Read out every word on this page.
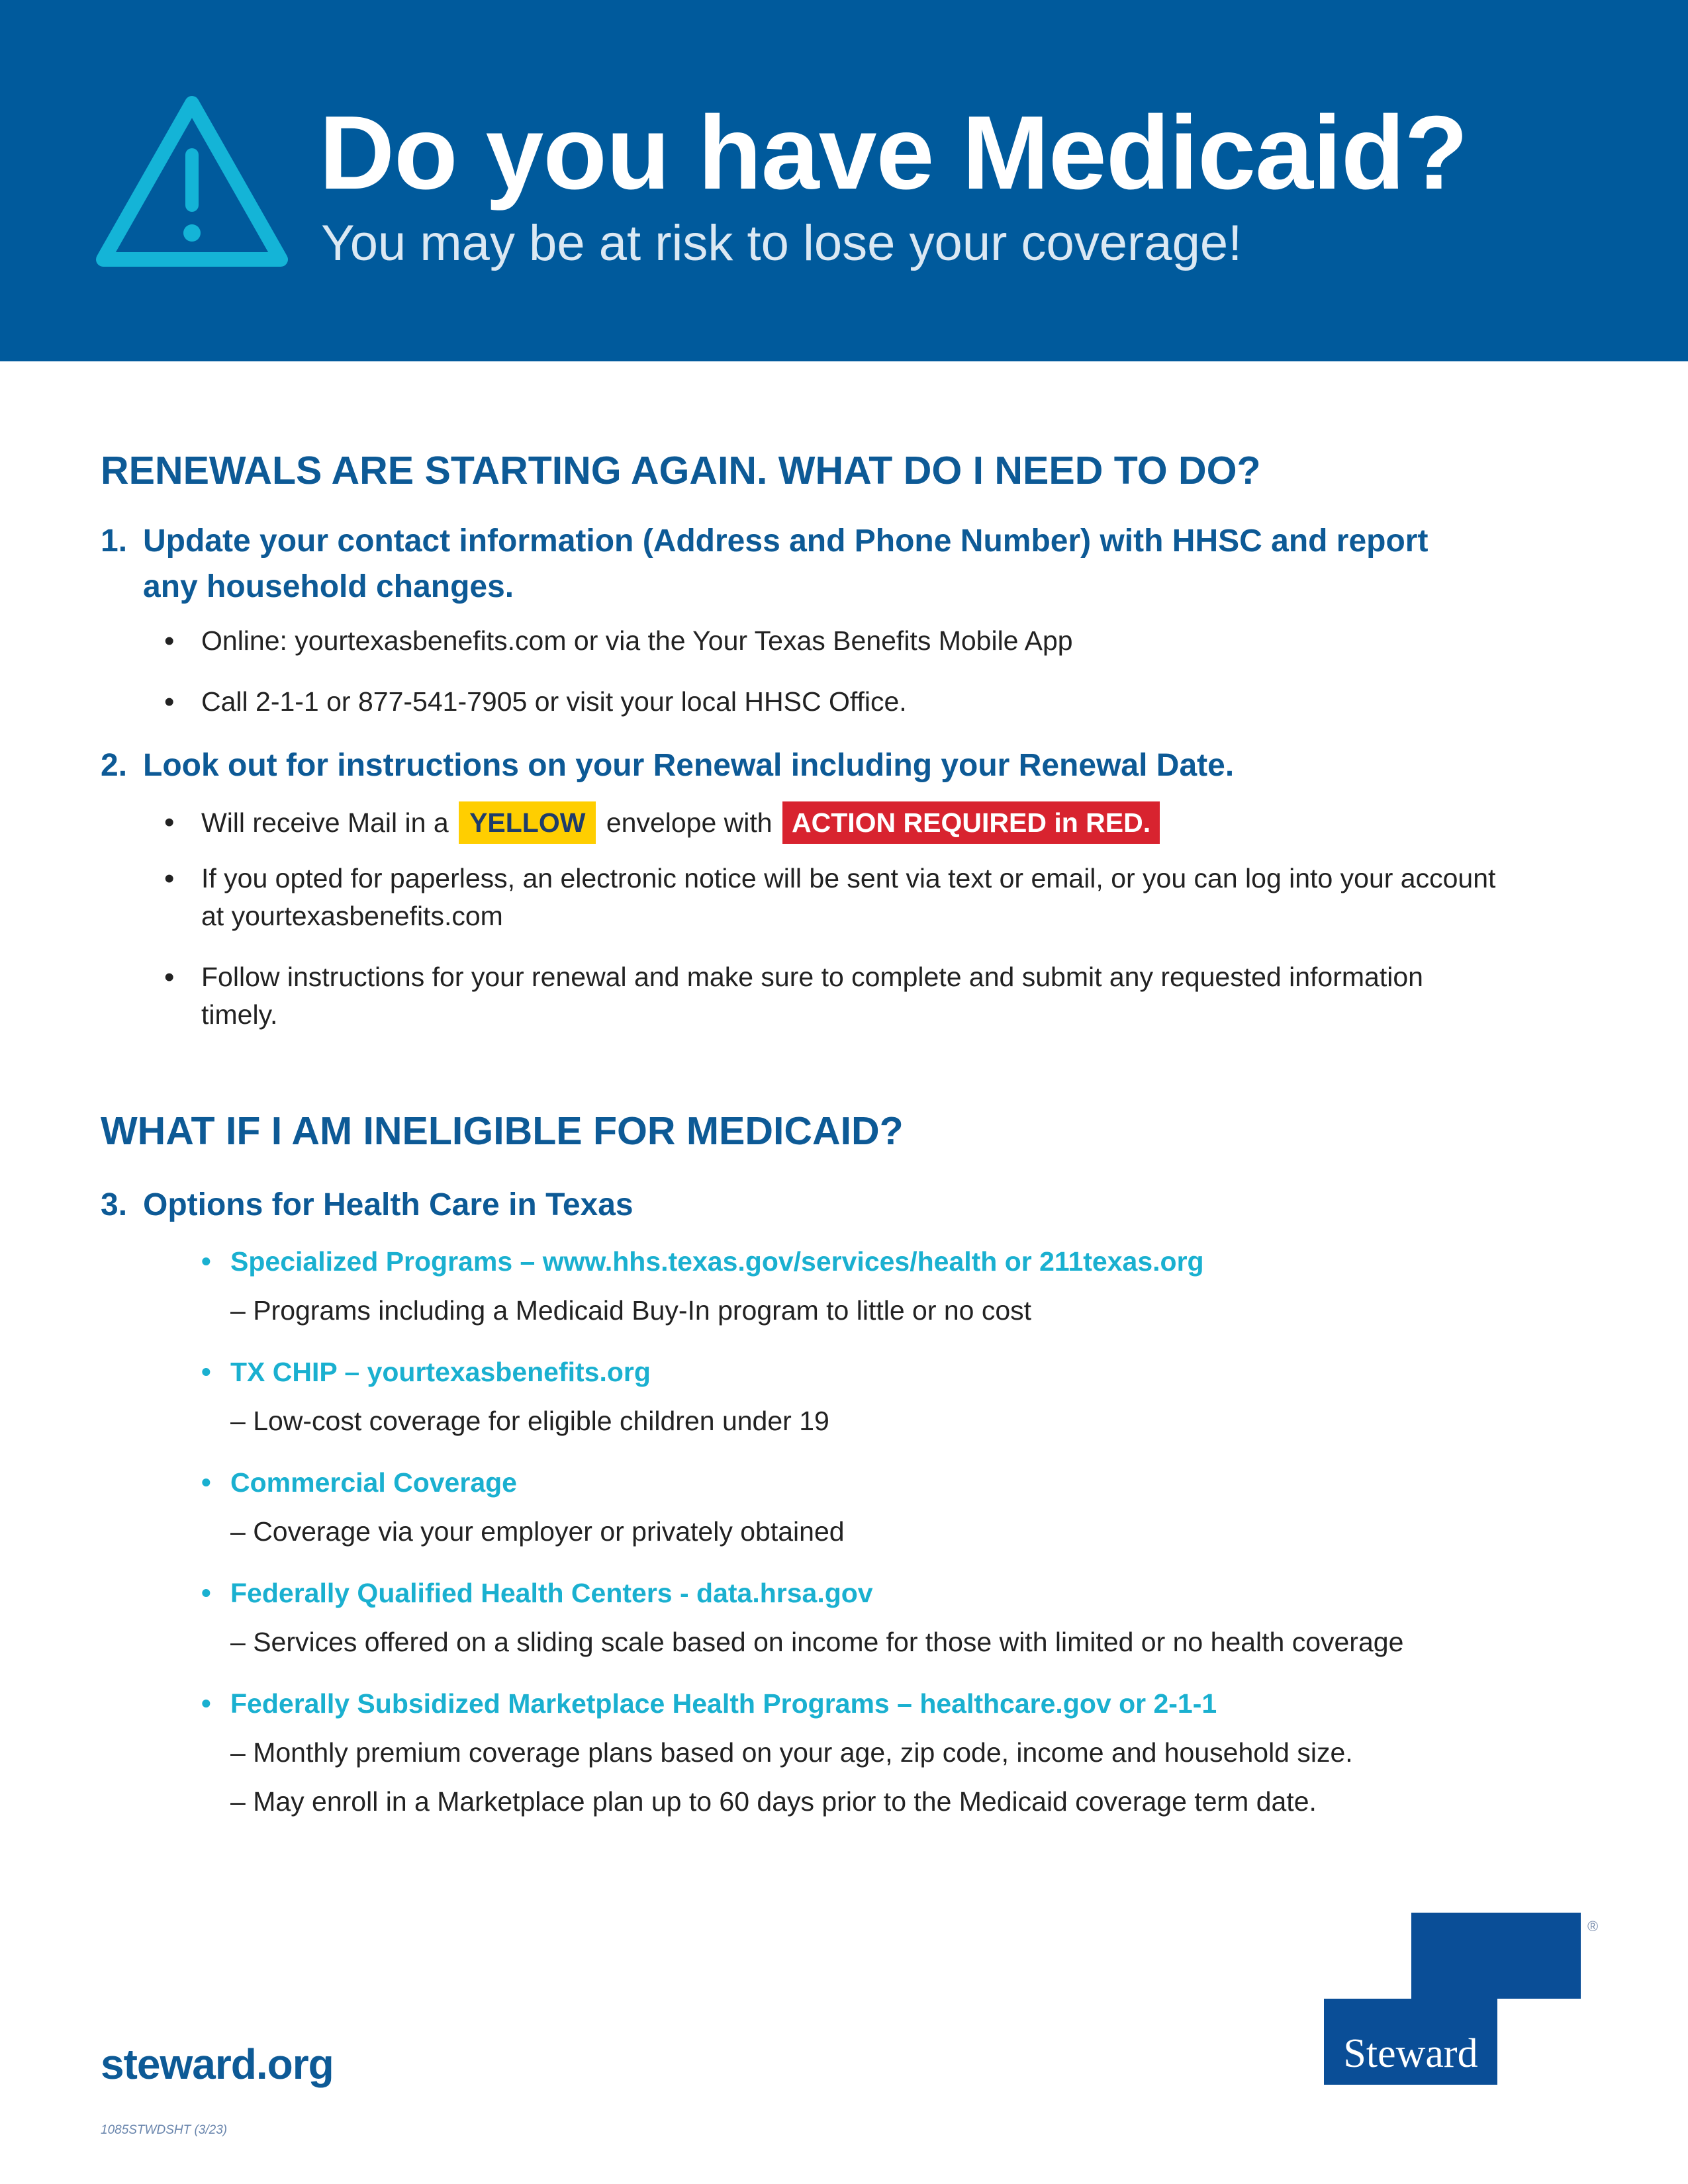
Do you have Medicaid?

You may be at risk to lose your coverage!

RENEWALS ARE STARTING AGAIN. WHAT DO I NEED TO DO?
1. Update your contact information (Address and Phone Number) with HHSC and report any household changes.
• Online: yourtexasbenefits.com or via the Your Texas Benefits Mobile App
• Call 2-1-1 or 877-541-7905 or visit your local HHSC Office.
2. Look out for instructions on your Renewal including your Renewal Date.
• Will receive Mail in a YELLOW envelope with ACTION REQUIRED in RED.
• If you opted for paperless, an electronic notice will be sent via text or email, or you can log into your account at yourtexasbenefits.com
• Follow instructions for your renewal and make sure to complete and submit any requested information timely.
WHAT IF I AM INELIGIBLE FOR MEDICAID?
3. Options for Health Care in Texas
• Specialized Programs – www.hhs.texas.gov/services/health or 211texas.org
– Programs including a Medicaid Buy-In program to little or no cost
• TX CHIP – yourtexasbenefits.org
– Low-cost coverage for eligible children under 19
• Commercial Coverage
– Coverage via your employer or privately obtained
• Federally Qualified Health Centers - data.hrsa.gov
– Services offered on a sliding scale based on income for those with limited or no health coverage
• Federally Subsidized Marketplace Health Programs – healthcare.gov or 2-1-1
– Monthly premium coverage plans based on your age, zip code, income and household size.
– May enroll in a Marketplace plan up to 60 days prior to the Medicaid coverage term date.
steward.org
1085STWDSHT (3/23)
Steward
®
